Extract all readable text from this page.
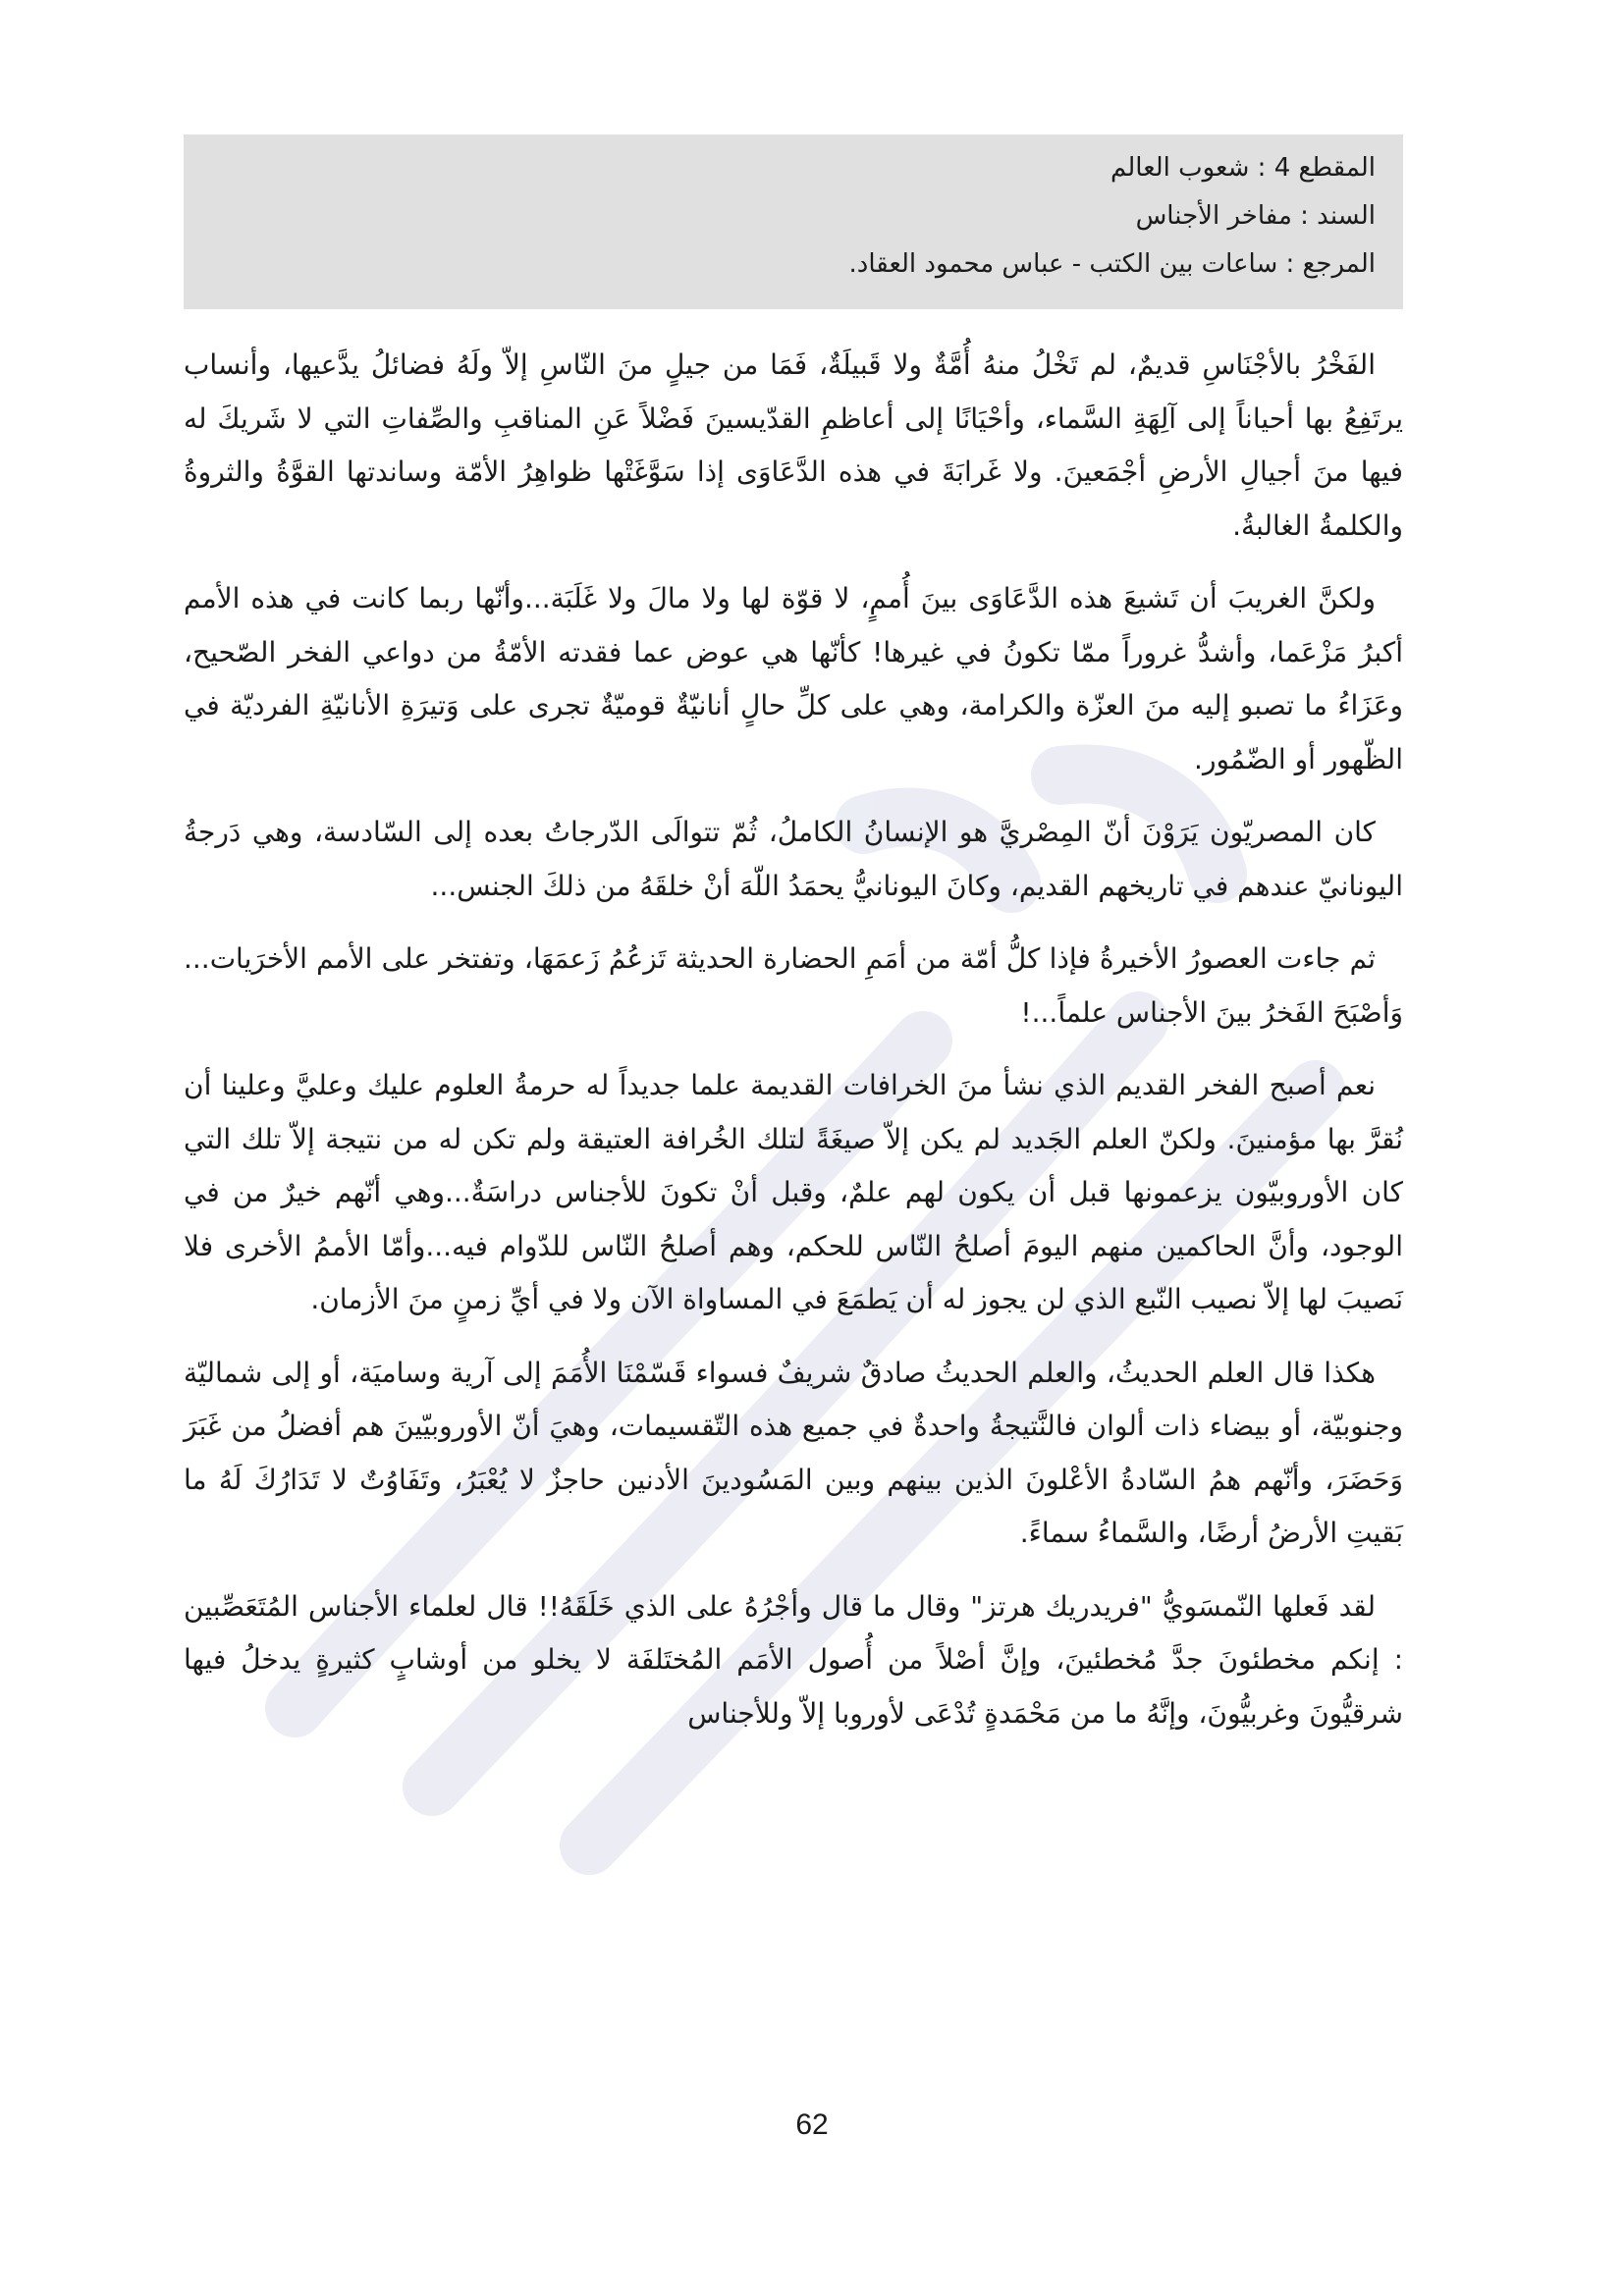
المقطع 4 : شعوب العالم
السند : مفاخر الأجناس
المرجع : ساعات بين الكتب - عباس محمود العقاد.

الفَخْرُ بالأجْنَاسِ قديمٌ، لم تَخْلُ منهُ أُمَّةٌ ولا قَبيلَةٌ، فَمَا من جيلٍ منَ النّاسِ إلاّ ولَهُ فضائلُ يدَّعيها، وأنساب يرتَفِعُ بها أحياناً إلى آلِهَةِ السَّماء، وأحْيَانًا إلى أعاظمِ القدّيسينَ فَضْلاً عَنِ المناقبِ والصِّفاتِ التي لا شَريكَ له فيها منَ أجيالِ الأرضِ أجْمَعينَ. ولا غَرابَةَ في هذه الدَّعَاوَى إذا سَوَّغَتْها ظواهِرُ الأمّة وساندتها القوَّةُ والثروةُ والكلمةُ الغالبةُ.

ولكنَّ الغريبَ أن تَشيعَ هذه الدَّعَاوَى بينَ أُممٍ، لا قوّة لها ولا مالَ ولا غَلَبَة...وأنّها ربما كانت في هذه الأمم أكبرُ مَزْعَما، وأشدُّ غروراً ممّا تكونُ في غيرها! كأنّها هي عوض عما فقدته الأمّةُ من دواعي الفخر الصّحيح، وعَزَاءُ ما تصبو إليه منَ العزّة والكرامة، وهي على كلِّ حالٍ أنانيّةٌ قوميّةٌ تجرى على وَتيرَةِ الأنانيّةِ الفرديّة في الظّهور أو الضّمُور.

كان المصريّون يَرَوْنَ أنّ المِصْريَّ هو الإنسانُ الكاملُ، ثُمّ تتوالَى الدّرجاتُ بعده إلى السّادسة، وهي دَرجةُ اليونانيّ عندهم في تاريخهم القديم، وكانَ اليونانيُّ يحمَدُ اللّهَ أنْ خلقَهُ من ذلكَ الجنس...

ثم جاءت العصورُ الأخيرةُ فإذا كلُّ أمّة من أمَمِ الحضارة الحديثة تَزعُمُ زَعمَهَا، وتفتخر على الأمم الأخرَيات... وَأصْبَحَ الفَخرُ بينَ الأجناس علماً...!

نعم أصبح الفخر القديم الذي نشأ منَ الخرافات القديمة علما جديداً له حرمةُ العلوم عليك وعليَّ وعلينا أن نُقرَّ بها مؤمنينَ. ولكنّ العلم الجَديد لم يكن إلاّ صيغَةً لتلك الخُرافة العتيقة ولم تكن له من نتيجة إلاّ تلك التي كان الأوروبيّون يزعمونها قبل أن يكون لهم علمٌ، وقبل أنْ تكونَ للأجناس دراسَةٌ...وهي أنّهم خيرٌ من في الوجود، وأنَّ الحاكمين منهم اليومَ أصلحُ النّاس للحكم، وهم أصلحُ النّاس للدّوام فيه...وأمّا الأممُ الأخرى فلا نَصيبَ لها إلاّ نصيب النّبع الذي لن يجوز له أن يَطمَعَ في المساواة الآن ولا في أيِّ زمنٍ منَ الأزمان.

هكذا قال العلم الحديثُ، والعلم الحديثُ صادقٌ شريفٌ فسواء قَسّمْنَا الأُمَمَ إلى آرية وساميَة، أو إلى شماليّة وجنوبيّة، أو بيضاء ذات ألوان فالنَّتيجةُ واحدةٌ في جميع هذه التّقسيمات، وهيَ أنّ الأوروبيّينَ هم أفضلُ من غَبَرَ وَحَضَرَ، وأنّهم همُ السّادةُ الأعْلونَ الذين بينهم وبين المَسُودينَ الأدنين حاجزٌ لا يُعْبَرُ، وتَفَاوُتٌ لا تَدَارُكَ لَهُ ما بَقيتِ الأرضُ أرضًا، والسَّماءُ سماءً.

لقد فَعلها النّمسَويُّ "فريدريك هرتز" وقال ما قال وأجْرُهُ على الذي خَلَقَهُ!! قال لعلماء الأجناس المُتَعَصِّبين : إنكم مخطئونَ جدَّ مُخطئينَ، وإنَّ أصْلاً من أُصول الأمَم المُختَلفَة لا يخلو من أوشابٍ كثيرةٍ يدخلُ فيها شرقيُّونَ وغربيُّونَ، وإنَّهُ ما من مَحْمَدةٍ تُدْعَى لأوروبا إلاّ وللأجناس

62
